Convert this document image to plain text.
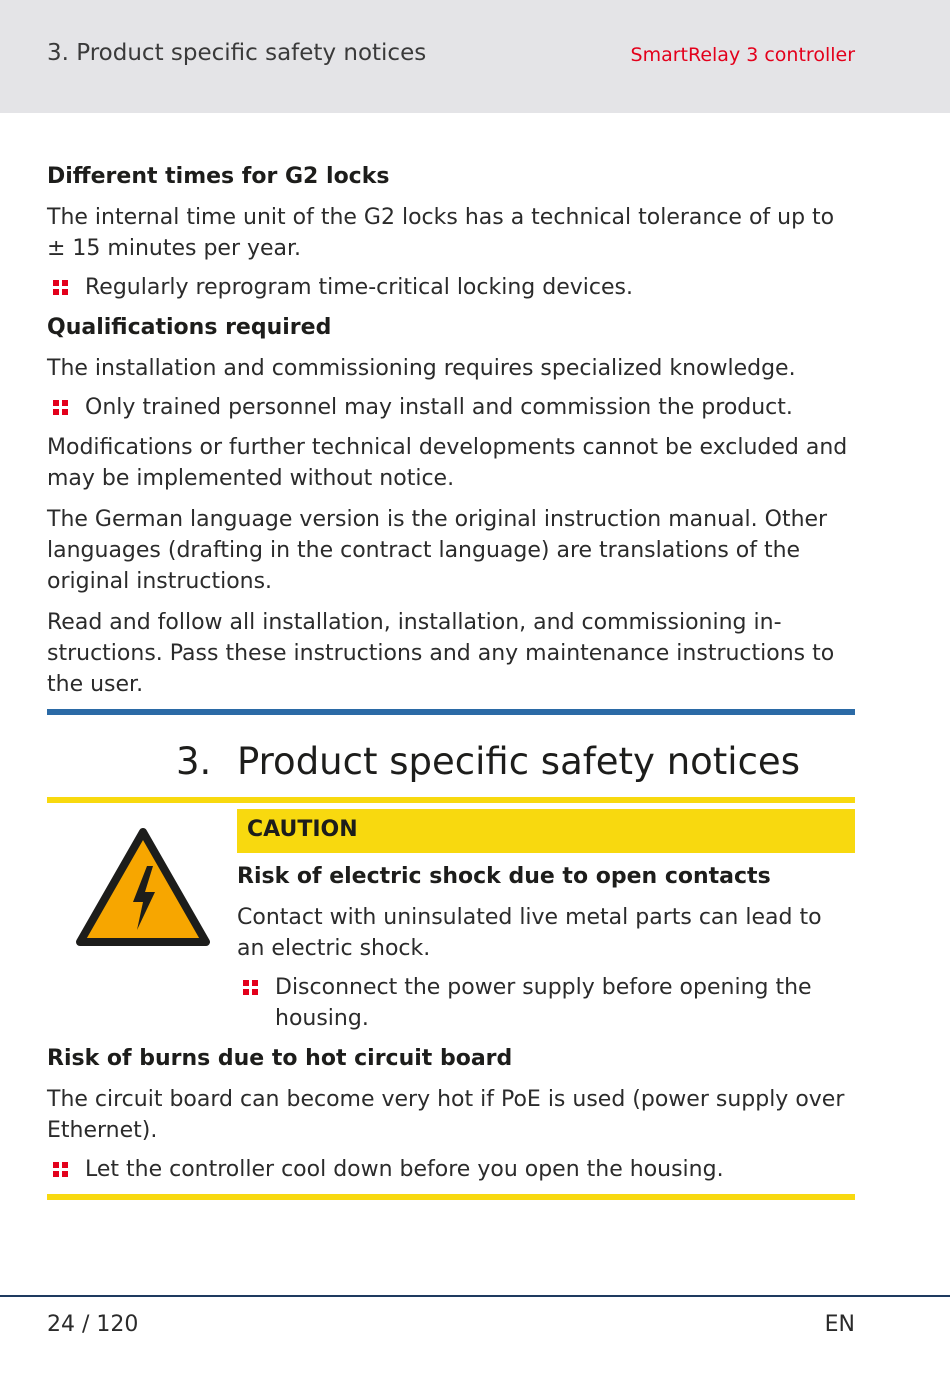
3. Product specific safety notices	SmartRelay 3 controller

Different times for G2 locks

The internal time unit of the G2 locks has a technical tolerance of up to ± 15 minutes per year.

Regularly reprogram time-critical locking devices.

Qualifications required

The installation and commissioning requires specialized knowledge.

Only trained personnel may install and commission the product.

Modifications or further technical developments cannot be excluded and may be implemented without notice.

The German language version is the original instruction manual. Other languages (drafting in the contract language) are translations of the original instructions.

Read and follow all installation, installation, and commissioning in-structions. Pass these instructions and any maintenance instructions to the user.

3. Product specific safety notices
CAUTION

Risk of electric shock due to open contacts

Contact with uninsulated live metal parts can lead to an electric shock.

Disconnect the power supply before opening the housing.

Risk of burns due to hot circuit board

The circuit board can become very hot if PoE is used (power supply over Ethernet).

Let the controller cool down before you open the housing.
24 / 120	EN
